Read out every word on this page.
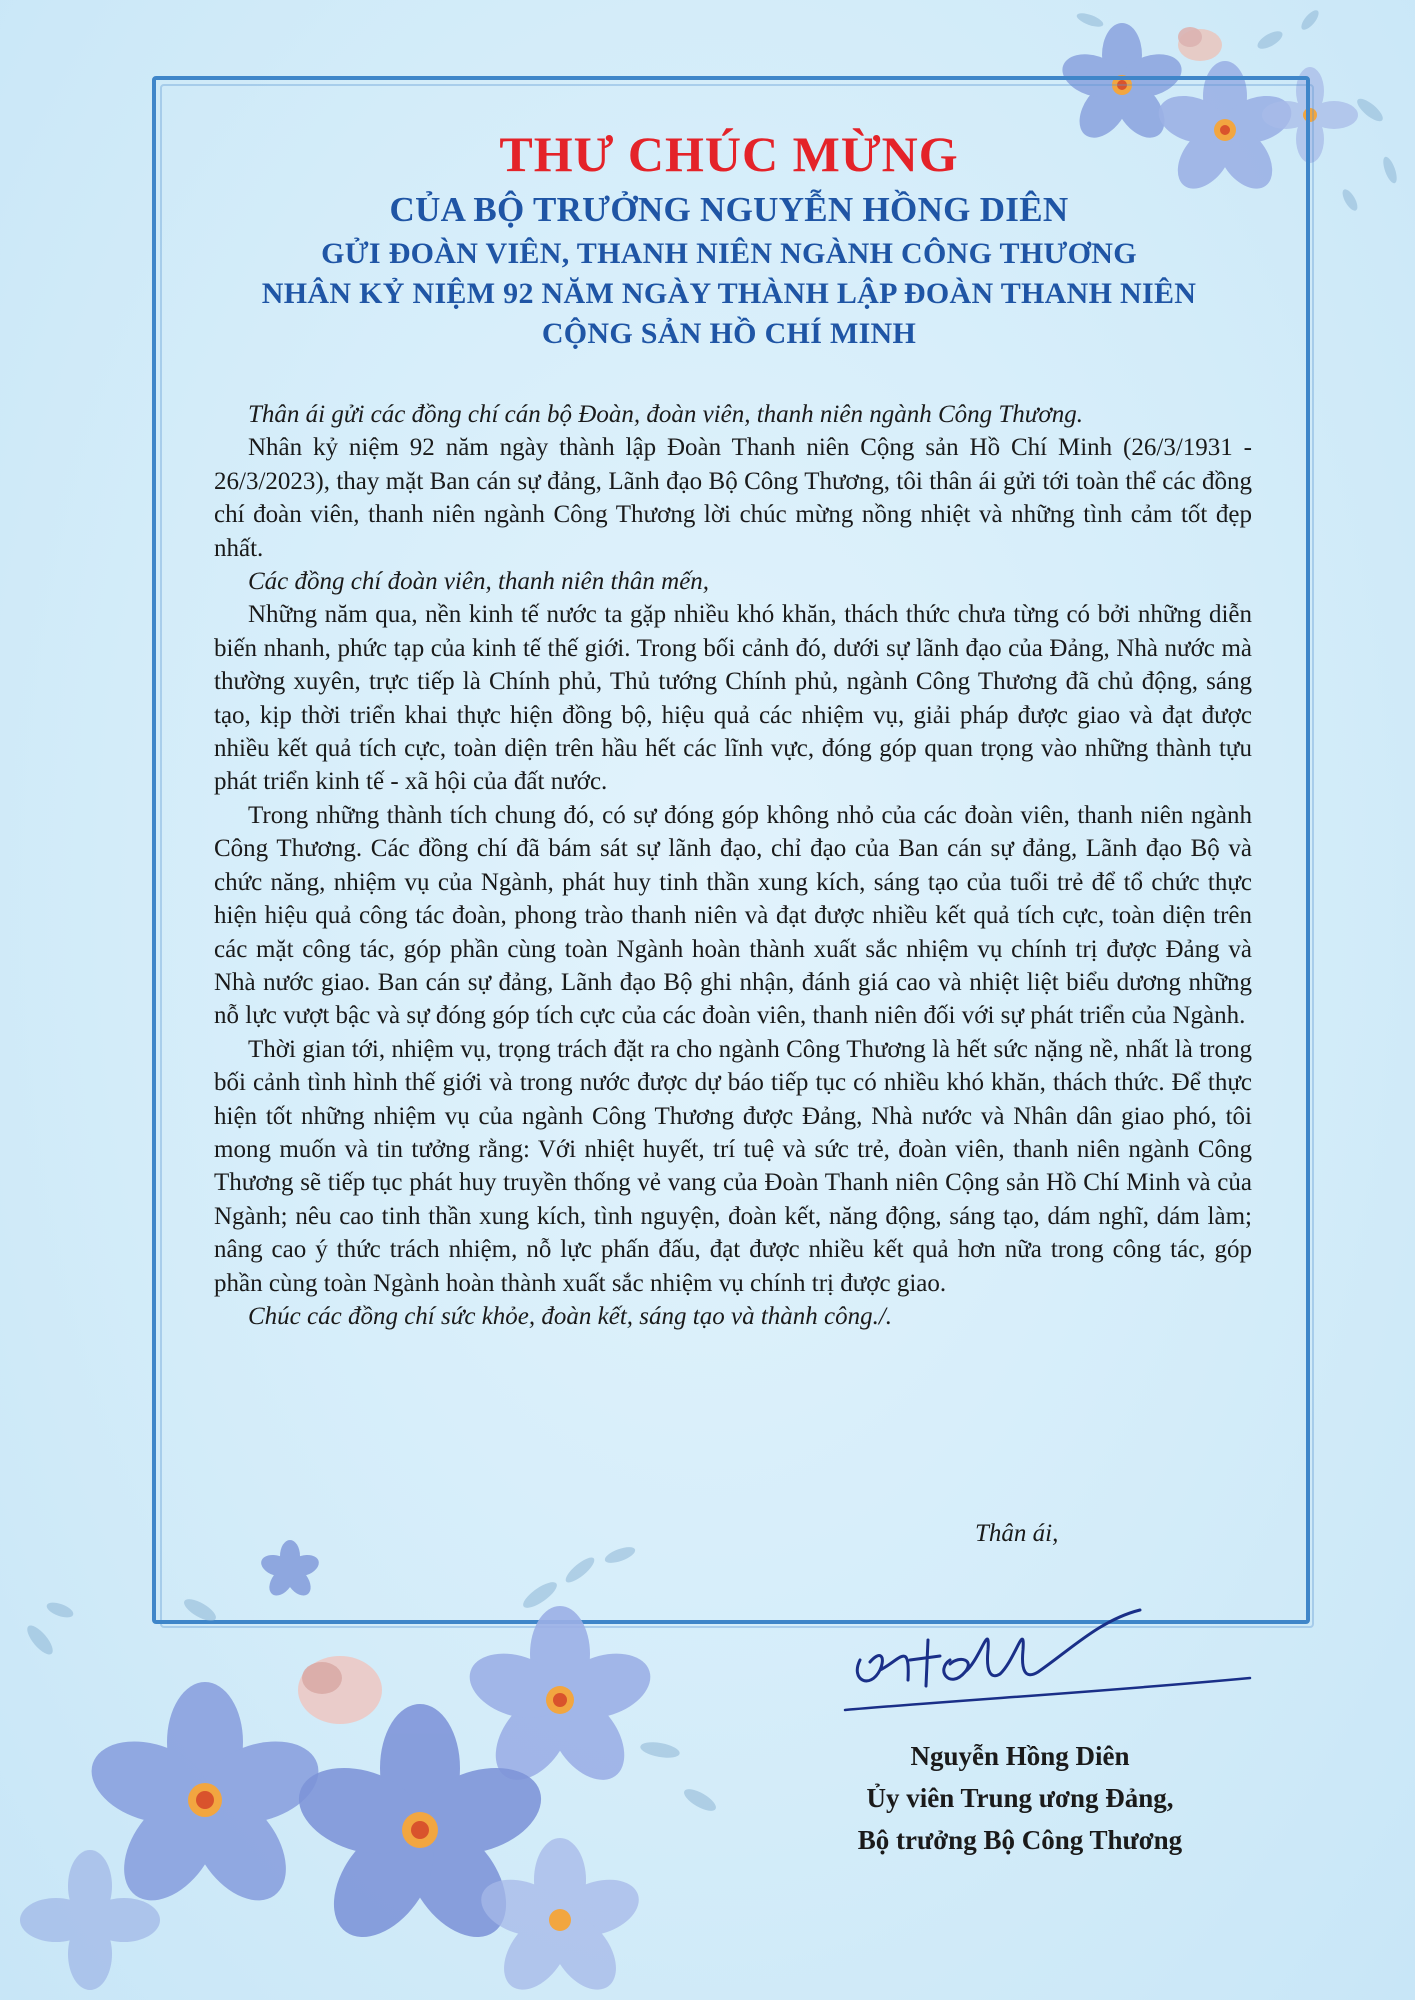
THƯ CHÚC MỪNG
CỦA BỘ TRƯỞNG NGUYỄN HỒNG DIÊN
GỬI ĐOÀN VIÊN, THANH NIÊN NGÀNH CÔNG THƯƠNG
NHÂN KỶ NIỆM 92 NĂM NGÀY THÀNH LẬP ĐOÀN THANH NIÊN
CỘNG SẢN HỒ CHÍ MINH

Thân ái gửi các đồng chí cán bộ Đoàn, đoàn viên, thanh niên ngành Công Thương.

Nhân kỷ niệm 92 năm ngày thành lập Đoàn Thanh niên Cộng sản Hồ Chí Minh (26/3/1931 - 26/3/2023), thay mặt Ban cán sự đảng, Lãnh đạo Bộ Công Thương, tôi thân ái gửi tới toàn thể các đồng chí đoàn viên, thanh niên ngành Công Thương lời chúc mừng nồng nhiệt và những tình cảm tốt đẹp nhất.

Các đồng chí đoàn viên, thanh niên thân mến,

Những năm qua, nền kinh tế nước ta gặp nhiều khó khăn, thách thức chưa từng có bởi những diễn biến nhanh, phức tạp của kinh tế thế giới. Trong bối cảnh đó, dưới sự lãnh đạo của Đảng, Nhà nước mà thường xuyên, trực tiếp là Chính phủ, Thủ tướng Chính phủ, ngành Công Thương đã chủ động, sáng tạo, kịp thời triển khai thực hiện đồng bộ, hiệu quả các nhiệm vụ, giải pháp được giao và đạt được nhiều kết quả tích cực, toàn diện trên hầu hết các lĩnh vực, đóng góp quan trọng vào những thành tựu phát triển kinh tế - xã hội của đất nước.

Trong những thành tích chung đó, có sự đóng góp không nhỏ của các đoàn viên, thanh niên ngành Công Thương. Các đồng chí đã bám sát sự lãnh đạo, chỉ đạo của Ban cán sự đảng, Lãnh đạo Bộ và chức năng, nhiệm vụ của Ngành, phát huy tinh thần xung kích, sáng tạo của tuổi trẻ để tổ chức thực hiện hiệu quả công tác đoàn, phong trào thanh niên và đạt được nhiều kết quả tích cực, toàn diện trên các mặt công tác, góp phần cùng toàn Ngành hoàn thành xuất sắc nhiệm vụ chính trị được Đảng và Nhà nước giao. Ban cán sự đảng, Lãnh đạo Bộ ghi nhận, đánh giá cao và nhiệt liệt biểu dương những nỗ lực vượt bậc và sự đóng góp tích cực của các đoàn viên, thanh niên đối với sự phát triển của Ngành.

Thời gian tới, nhiệm vụ, trọng trách đặt ra cho ngành Công Thương là hết sức nặng nề, nhất là trong bối cảnh tình hình thế giới và trong nước được dự báo tiếp tục có nhiều khó khăn, thách thức. Để thực hiện tốt những nhiệm vụ của ngành Công Thương được Đảng, Nhà nước và Nhân dân giao phó, tôi mong muốn và tin tưởng rằng: Với nhiệt huyết, trí tuệ và sức trẻ, đoàn viên, thanh niên ngành Công Thương sẽ tiếp tục phát huy truyền thống vẻ vang của Đoàn Thanh niên Cộng sản Hồ Chí Minh và của Ngành; nêu cao tinh thần xung kích, tình nguyện, đoàn kết, năng động, sáng tạo, dám nghĩ, dám làm; nâng cao ý thức trách nhiệm, nỗ lực phấn đấu, đạt được nhiều kết quả hơn nữa trong công tác, góp phần cùng toàn Ngành hoàn thành xuất sắc nhiệm vụ chính trị được giao.

Chúc các đồng chí sức khỏe, đoàn kết, sáng tạo và thành công./.

Thân ái,
Nguyễn Hồng Diên
Ủy viên Trung ương Đảng,
Bộ trưởng Bộ Công Thương
